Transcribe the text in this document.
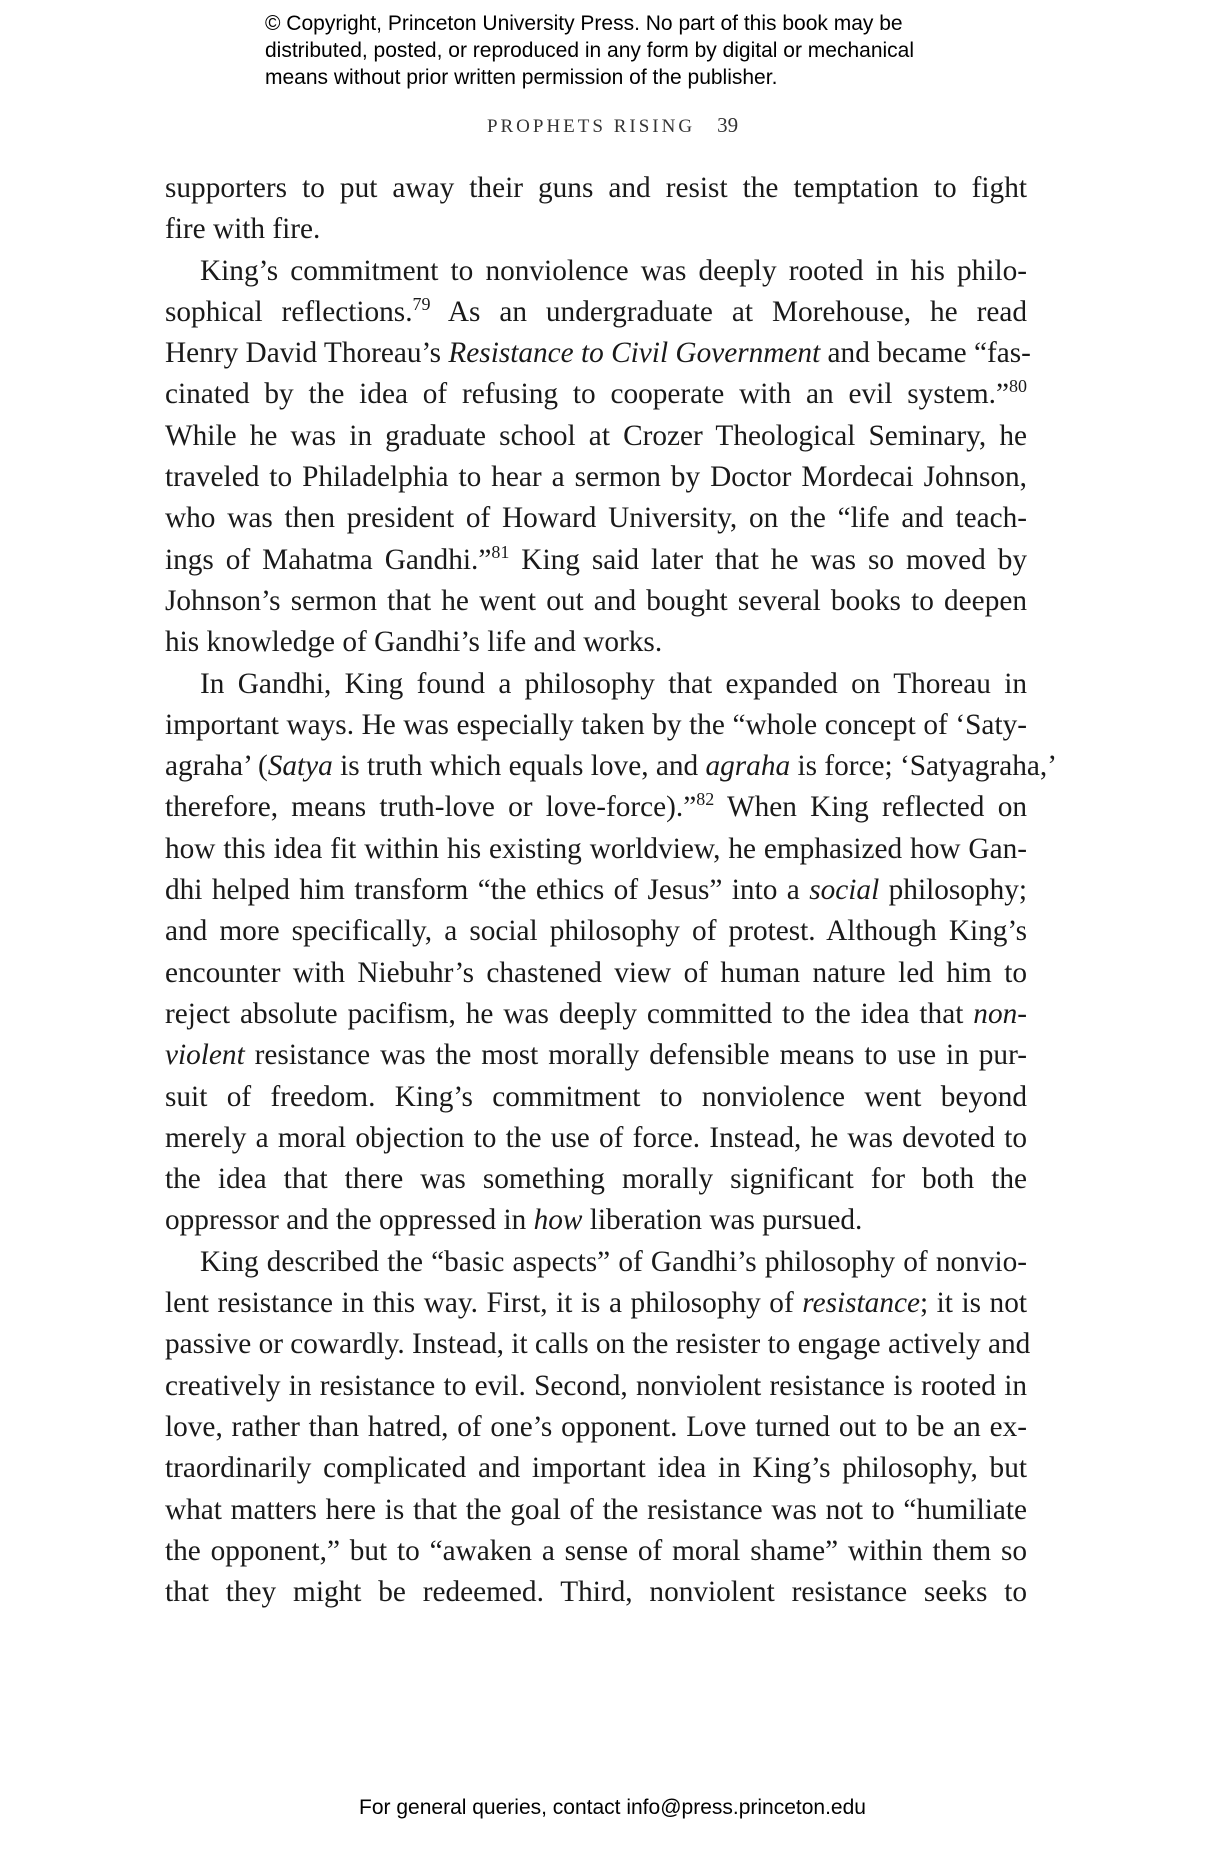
© Copyright, Princeton University Press. No part of this book may be
distributed, posted, or reproduced in any form by digital or mechanical
means without prior written permission of the publisher.
PROPHETS RISING 39
supporters to put away their guns and resist the temptation to fight
fire with fire.
King’s commitment to nonviolence was deeply rooted in his philo-
sophical reflections.$^{79}$ As an undergraduate at Morehouse, he read
Henry David Thoreau’s Resistance to Civil Government and became “fas-
cinated by the idea of refusing to cooperate with an evil system.”$^{80}$
While he was in graduate school at Crozer Theological Seminary, he
traveled to Philadelphia to hear a sermon by Doctor Mordecai Johnson,
who was then president of Howard University, on the “life and teach-
ings of Mahatma Gandhi.”$^{81}$ King said later that he was so moved by
Johnson’s sermon that he went out and bought several books to deepen
his knowledge of Gandhi’s life and works.
In Gandhi, King found a philosophy that expanded on Thoreau in
important ways. He was especially taken by the “whole concept of ‘Saty-
agraha’ (Satya is truth which equals love, and agraha is force; ‘Satyagraha,’
therefore, means truth-love or love-force).”$^{82}$ When King reflected on
how this idea fit within his existing worldview, he emphasized how Gan-
dhi helped him transform “the ethics of Jesus” into a social philosophy;
and more specifically, a social philosophy of protest. Although King’s
encounter with Niebuhr’s chastened view of human nature led him to
reject absolute pacifism, he was deeply committed to the idea that non-
violent resistance was the most morally defensible means to use in pur-
suit of freedom. King’s commitment to nonviolence went beyond
merely a moral objection to the use of force. Instead, he was devoted to
the idea that there was something morally significant for both the
oppressor and the oppressed in how liberation was pursued.
King described the “basic aspects” of Gandhi’s philosophy of nonvio-
lent resistance in this way. First, it is a philosophy of resistance; it is not
passive or cowardly. Instead, it calls on the resister to engage actively and
creatively in resistance to evil. Second, nonviolent resistance is rooted in
love, rather than hatred, of one’s opponent. Love turned out to be an ex-
traordinarily complicated and important idea in King’s philosophy, but
what matters here is that the goal of the resistance was not to “humiliate
the opponent,” but to “awaken a sense of moral shame” within them so
that they might be redeemed. Third, nonviolent resistance seeks to
For general queries, contact info@press.princeton.edu
